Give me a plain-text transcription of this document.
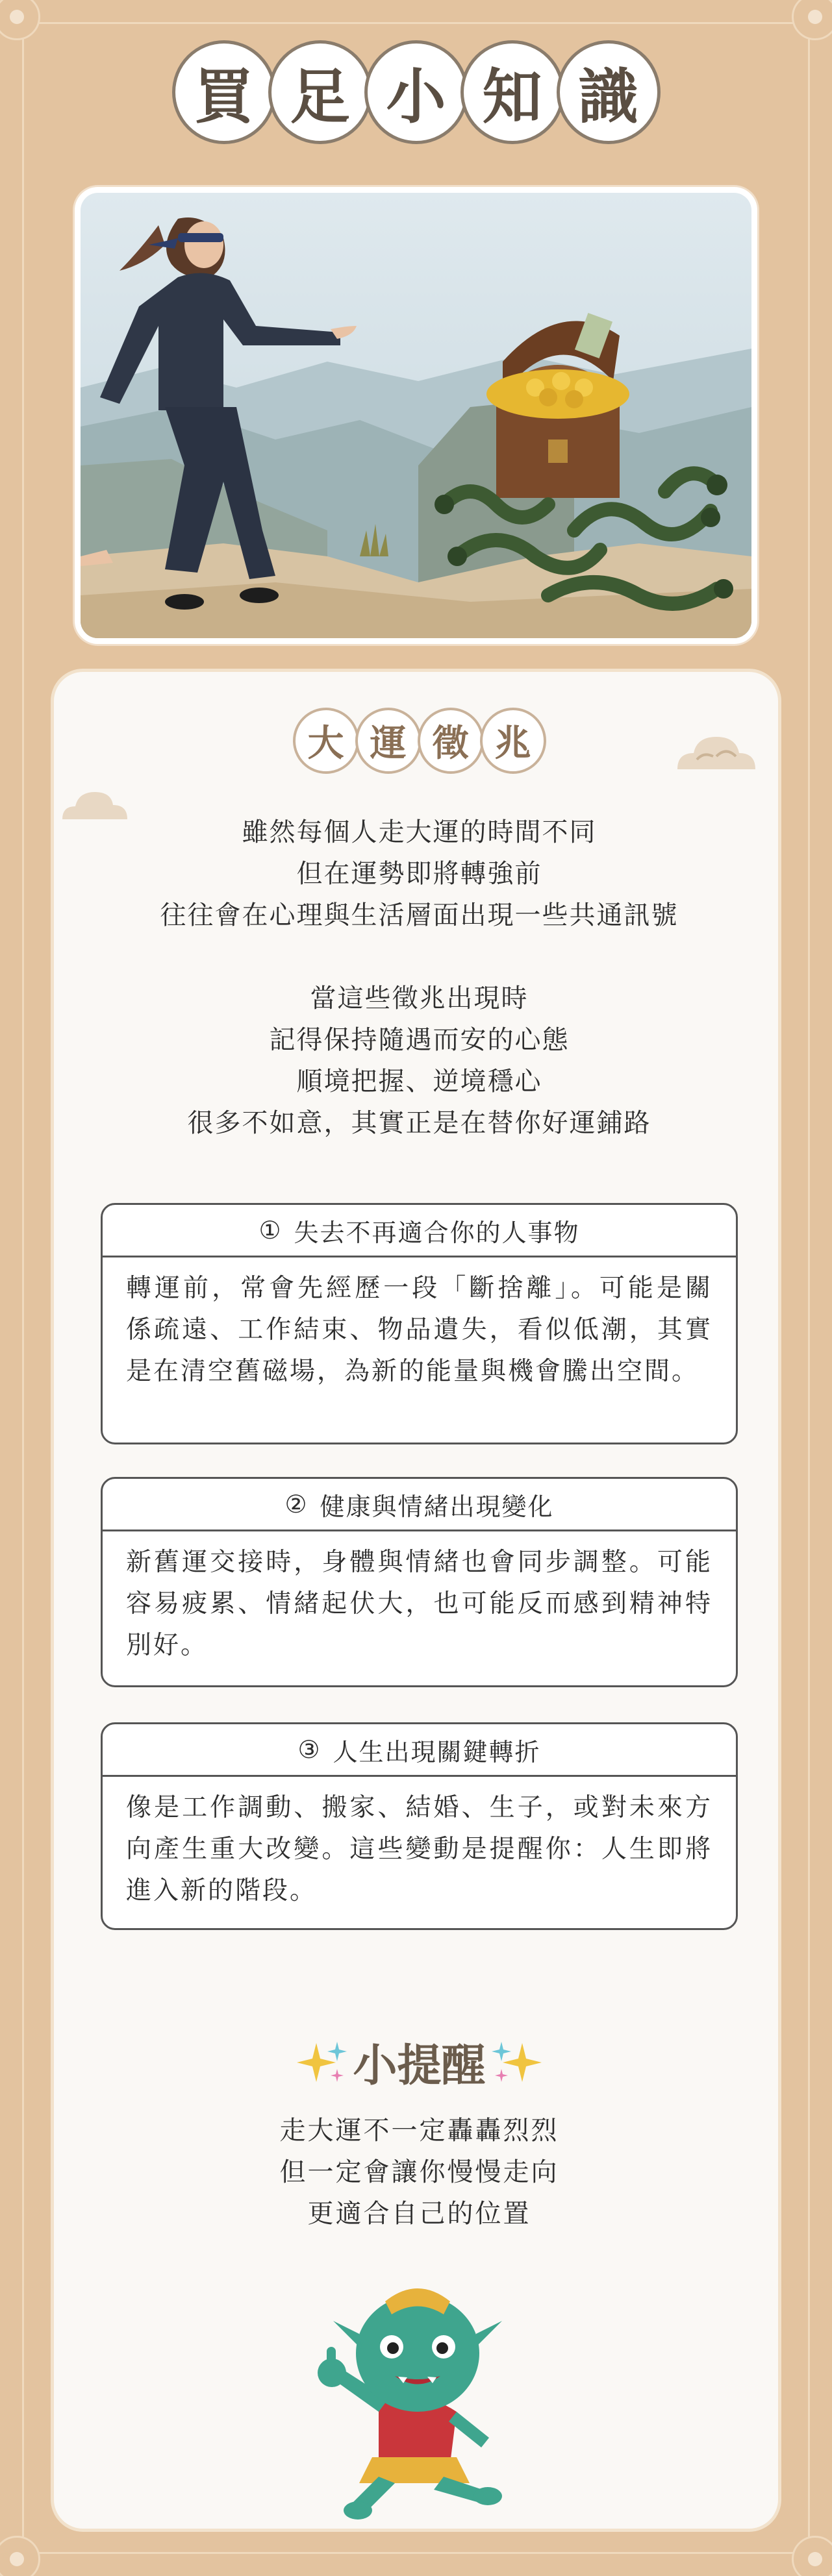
買 足 小 知 識
大 運 徵 兆

雖然每個人走大運的時間不同

但在運勢即將轉強前

往往會在心理與生活層面出現一些共通訊號

當這些徵兆出現時

記得保持隨遇而安的心態

順境把握、逆境穩心

很多不如意，其實正是在替你好運鋪路

① 失去不再適合你的人事物
轉運前，常會先經歷一段「斷捨離」。可能是關係疏遠、工作結束、物品遺失，看似低潮，其實是在清空舊磁場，為新的能量與機會騰出空間。
② 健康與情緒出現變化
新舊運交接時，身體與情緒也會同步調整。可能容易疲累、情緒起伏大，也可能反而感到精神特別好。
③ 人生出現關鍵轉折
像是工作調動、搬家、結婚、生子，或對未來方向產生重大改變。這些變動是提醒你：人生即將進入新的階段。
小提醒

走大運不一定轟轟烈烈

但一定會讓你慢慢走向

更適合自己的位置
